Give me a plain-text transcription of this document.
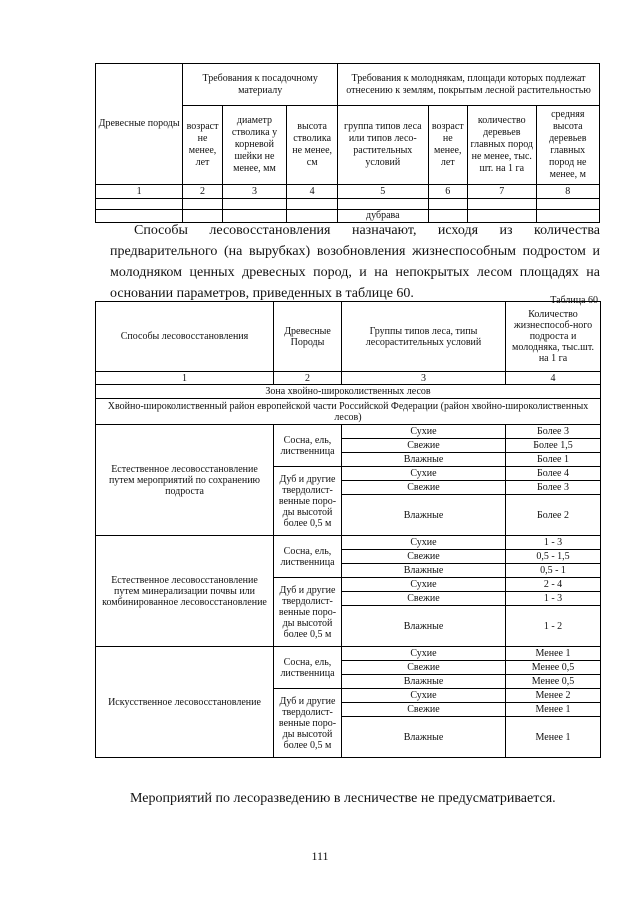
Древесные породы	Требования к посадочному материалу			Требования к молоднякам, площади которых подлежат отнесению к землям, покрытым лесной растительностью			
	возраст не менее, лет	диаметр стволика у корневой шейки не менее, мм	высота стволика не менее, см	группа типов леса или типов лесо-растительных условий	возраст не менее, лет	количество деревьев главных пород не менее, тыс. шт. на 1 га	средняя высота деревьев главных пород не менее, м
1	2	3	4	5	6	7	8

				дубрава			
Способы лесовосстановления назначают, исходя из количества предварительного (на вырубках) возобновления жизнеспособным подростом и молодняком ценных древесных пород, и на непокрытых лесом площадях на основании параметров, приведенных в таблице 60.	Таблица 60
Способы лесовосстановления	Древесные Породы	Группы типов леса, типы лесорастительных условий	Количество жизнеспособ-ного подроста и молодняка, тыс.шт. на 1 га
1	2	3	4
Зона хвойно-широколиственных лесов			
Хвойно-широколиственный район европейской части Российской Федерации (район хвойно-широколиственных лесов)			
Естественное лесовосстановление путем мероприятий по сохранению подроста	Сосна, ель, лиственница	Сухие	Более 3
		Свежие	Более 1,5
		Влажные	Более 1
	Дуб и другие твердолист-венные поро-ды высотой более 0,5 м	Сухие	Более 4
		Свежие	Более 3
		Влажные	Более 2
Естественное лесовосстановление путем минерализации почвы или комбинированное лесовосстановление	Сосна, ель, лиственница	Сухие	1 - 3
		Свежие	0,5 - 1,5
		Влажные	0,5 - 1
	Дуб и другие твердолист-венные поро-ды высотой более 0,5 м	Сухие	2 - 4
		Свежие	1 - 3
		Влажные	1 - 2
Искусственное лесовосстановление	Сосна, ель, лиственница	Сухие	Менее 1
		Свежие	Менее 0,5
		Влажные	Менее 0,5
	Дуб и другие твердолист-венные поро-ды высотой более 0,5 м	Сухие	Менее 2
		Свежие	Менее 1
		Влажные	Менее 1
Мероприятий по лесоразведению в лесничестве не предусматривается.
111
